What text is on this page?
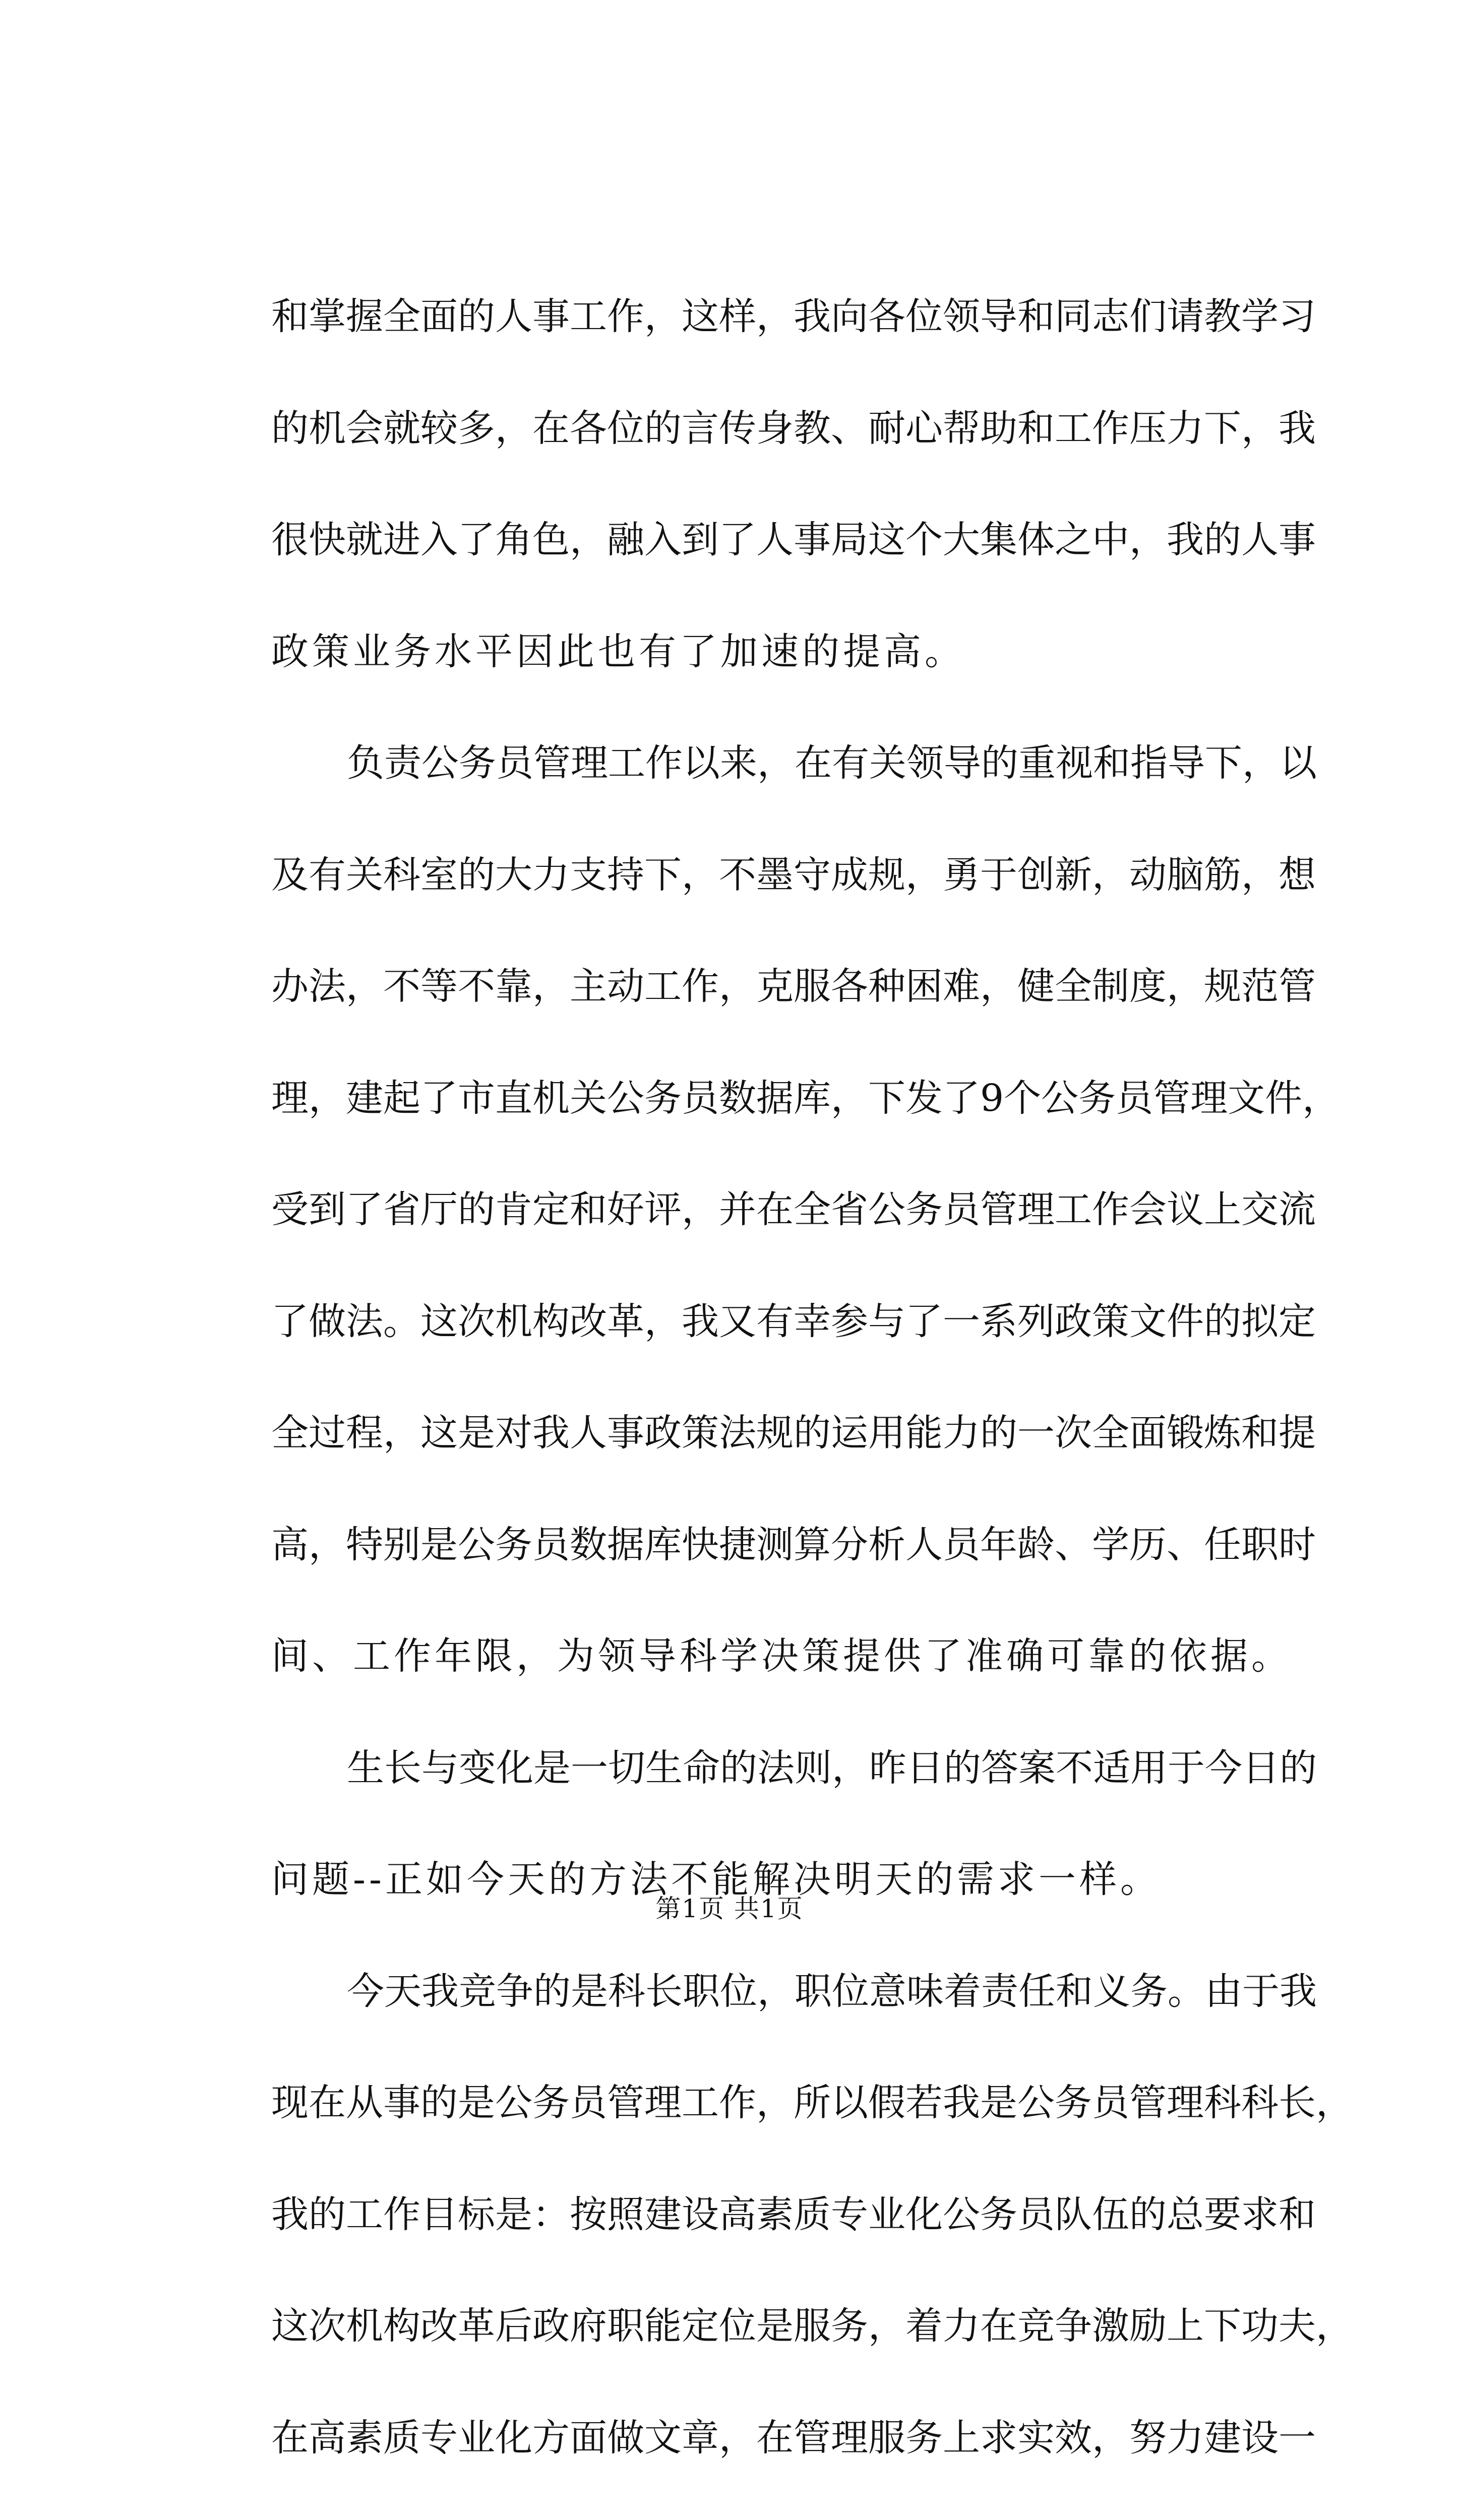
和掌握全面的人事工作，这样，我向各位领导和同志们请教学习
的机会就较多，在各位的言传身教、耐心帮助和工作压力下，我
很快就进入了角色，融入到了人事局这个大集体之中，我的人事
政策业务水平因此也有了加速的提高。
负责公务员管理工作以来，在有关领导的重视和指导下，以
及有关科室的大力支持下，不墨守成规，勇于创新，动脑筋，想
办法，不等不靠，主动工作，克服各种困难，健全制度，规范管
理，建起了市直机关公务员数据库，下发了9个公务员管理文件，
受到了省厅的肯定和好评，并在全省公务员管理工作会议上交流
了做法。这次机构改革，我又有幸参与了一系列政策文件的拟定
全过程，这是对我人事政策法规的运用能力的一次全面锻炼和提
高，特别是公务员数据库快捷测算分析人员年龄、学历、任职时
间、工作年限，为领导科学决策提供了准确可靠的依据。
生长与变化是一切生命的法则，昨日的答案不适用于今日的
问题--正如今天的方法不能解决明天的需求一样。
今天我竞争的是科长职位，职位意味着责任和义务。由于我
现在从事的是公务员管理工作，所以假若我是公务员管理科科长，
我的工作目标是：按照建设高素质专业化公务员队伍的总要求和
这次机构改革后政府职能定位是服务，着力在竞争激励上下功夫，
在高素质专业化方面做文章，在管理服务上求实效，努力建设一
第1页 共1页
